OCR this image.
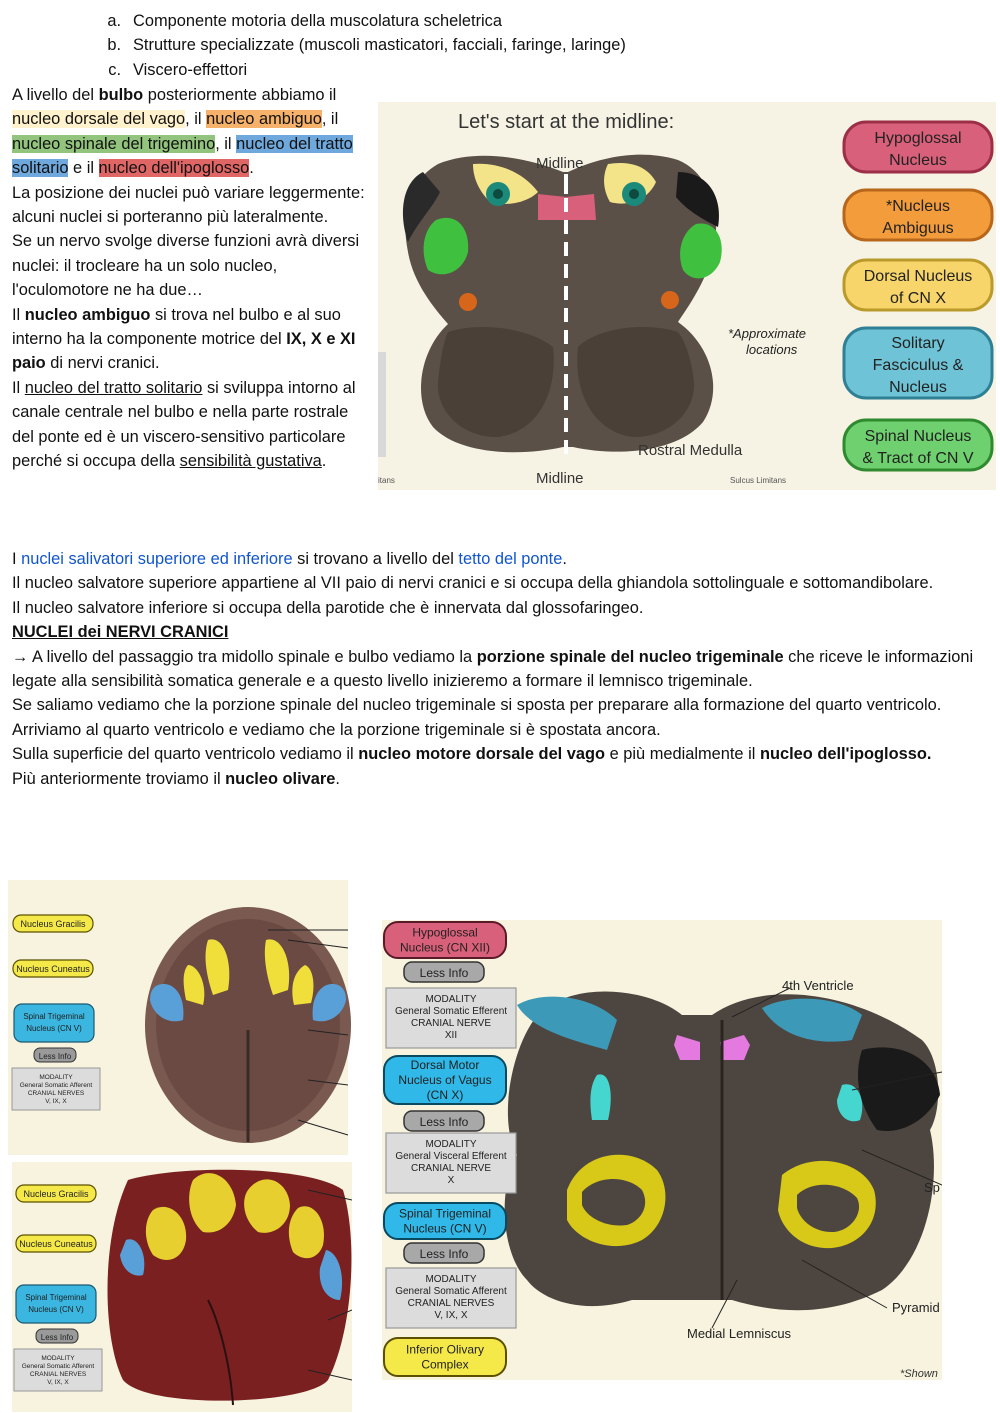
a. Componente motoria della muscolatura scheletrica
b. Strutture specializzate (muscoli masticatori, facciali, faringe, laringe)
c. Viscero-effettori

A livello del bulbo posteriormente abbiamo il nucleo dorsale del vago, il nucleo ambiguo, il nucleo spinale del trigemino, il nucleo del tratto solitario e il nucleo dell'ipoglosso.

La posizione dei nuclei può variare leggermente: alcuni nuclei si porteranno più lateralmente.

Se un nervo svolge diverse funzioni avrà diversi nuclei: il trocleare ha un solo nucleo, l'oculomotore ne ha due…

Il nucleo ambiguo si trova nel bulbo e al suo interno ha la componente motrice del IX, X e XI paio di nervi cranici.

Il nucleo del tratto solitario si sviluppa intorno al canale centrale nel bulbo e nella parte rostrale del ponte ed è un viscero-sensitivo particolare perché si occupa della sensibilità gustativa.

I nuclei salivatori superiore ed inferiore si trovano a livello del tetto del ponte.

Il nucleo salvatore superiore appartiene al VII paio di nervi cranici e si occupa della ghiandola sottolinguale e sottomandibolare.

Il nucleo salvatore inferiore si occupa della parotide che è innervata dal glossofaringeo.

NUCLEI dei NERVI CRANICI

→ A livello del passaggio tra midollo spinale e bulbo vediamo la porzione spinale del nucleo trigeminale che riceve le informazioni legate alla sensibilità somatica generale e a questo livello inizieremo a formare il lemnisco trigeminale.

Se saliamo vediamo che la porzione spinale del nucleo trigeminale si sposta per preparare alla formazione del quarto ventricolo.

Arriviamo al quarto ventricolo e vediamo che la porzione trigeminale si è spostata ancora.

Sulla superficie del quarto ventricolo vediamo il nucleo motore dorsale del vago e più medialmente il nucleo dell'ipoglosso.

Più anteriormente troviamo il nucleo olivare.

Let's start at the midline:
Midline
Midline
Rostral Medulla
*Approximate
locations
itans	Sulcus Limitans
Hypoglossal
Nucleus
*Nucleus
Ambiguus
Dorsal Nucleus
of CN X
Solitary
Fasciculus &
Nucleus
Spinal Nucleus
& Tract of CN V
Nucleus Gracilis
Nucleus Cuneatus
Spinal Trigeminal
Nucleus (CN V)
Less Info
MODALITY
General Somatic Afferent
CRANIAL NERVES
V, IX, X
Nucleus Gracilis
Nucleus Cuneatus
Spinal Trigeminal
Nucleus (CN V)
Less Info
MODALITY
General Somatic Afferent
CRANIAL NERVES
V, IX, X
4th Ventricle
Sp
Pyramid
Medial Lemniscus
*Shown
Hypoglossal
Nucleus (CN XII)
Less Info
MODALITY
General Somatic Efferent
CRANIAL NERVE
XII
Dorsal Motor
Nucleus of Vagus
(CN X)
Less Info
MODALITY
General Visceral Efferent
CRANIAL NERVE
X
Spinal Trigeminal
Nucleus (CN V)
Less Info
MODALITY
General Somatic Afferent
CRANIAL NERVES
V, IX, X
Inferior Olivary
Complex
